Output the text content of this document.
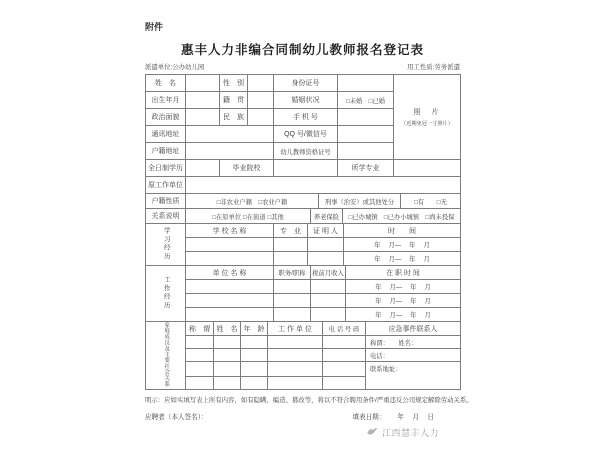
附件
惠丰人力非编合同制幼儿教师报名登记表
派遣单位:公办幼儿园	用工性质:劳务派遣
姓　名		性　别		身份证号		照　片
（近期免冠一寸照片）

出生年月		籍　贯		婚姻状况	□未婚　□已婚	
政治面貌		民　族		手 机 号		
通讯地址				QQ 号/微信号		
户籍地址				幼儿教师资格证号		
全日制学历		毕业院校			所学专业	
原工作单位						
户籍性质	□非农业户籍　□农业户籍	刑事（治安）或其他处分	□有　　□无
关系说明	□在原单位 □在街道 □其他	养老保险	□已办城镇　□已办小城镇　□尚未投保
学习经历	学 校 名 称	专　业	证 明 人	时　　间
				年　 月—　 年　 月
				年　 月—　 年　 月
工作经历	单 位 名 称	职务/职称	税前月收入	在 职 时 间
				年　 月—　 年　 月
				年　 月—　 年　 月
				年　 月—　 年　 月
家庭成员及主要社会关系	称　谓	姓　名	年　龄	工 作 单 位	电 话 号 码	应急事件联系人
						称谓：　　姓名：
						电话：
						联系地址：

明示：应如实填写表上所有内容，如有隐瞒、编造、篡改等，将以不符合聘用条件/严重违反公司规定解除劳动关系。
应聘者（本人签名）：	填表日期： 年　 月　 日
江西慧丰人力
